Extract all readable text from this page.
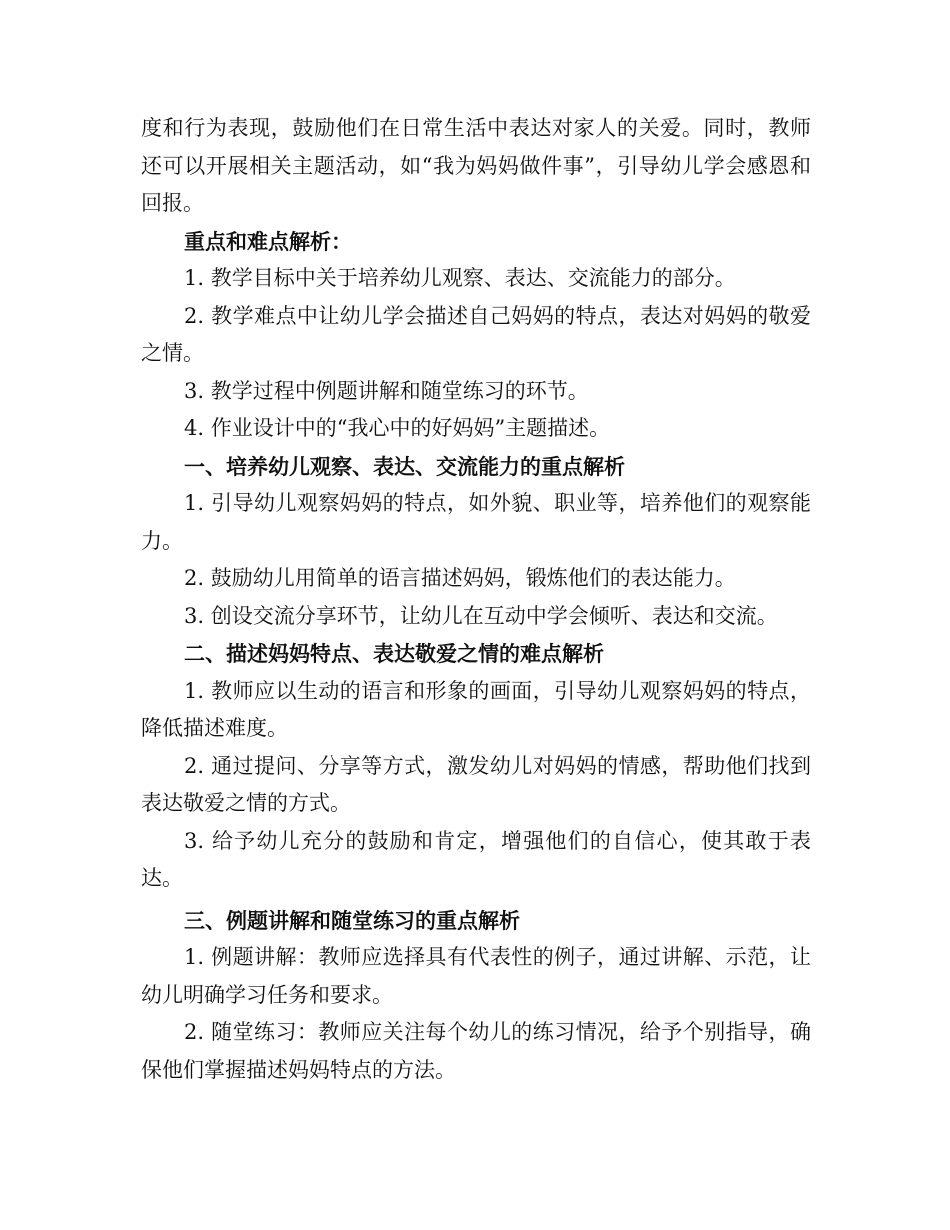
度和行为表现，鼓励他们在日常生活中表达对家人的关爱。同时，教师还可以开展相关主题活动，如“我为妈妈做件事”，引导幼儿学会感恩和回报。

重点和难点解析：

1. 教学目标中关于培养幼儿观察、表达、交流能力的部分。

2. 教学难点中让幼儿学会描述自己妈妈的特点，表达对妈妈的敬爱之情。

3. 教学过程中例题讲解和随堂练习的环节。

4. 作业设计中的“我心中的好妈妈”主题描述。

一、培养幼儿观察、表达、交流能力的重点解析

1. 引导幼儿观察妈妈的特点，如外貌、职业等，培养他们的观察能力。

2. 鼓励幼儿用简单的语言描述妈妈，锻炼他们的表达能力。

3. 创设交流分享环节，让幼儿在互动中学会倾听、表达和交流。

二、描述妈妈特点、表达敬爱之情的难点解析

1. 教师应以生动的语言和形象的画面，引导幼儿观察妈妈的特点，降低描述难度。

2. 通过提问、分享等方式，激发幼儿对妈妈的情感，帮助他们找到表达敬爱之情的方式。

3. 给予幼儿充分的鼓励和肯定，增强他们的自信心，使其敢于表达。

三、例题讲解和随堂练习的重点解析

1. 例题讲解：教师应选择具有代表性的例子，通过讲解、示范，让幼儿明确学习任务和要求。

2. 随堂练习：教师应关注每个幼儿的练习情况，给予个别指导，确保他们掌握描述妈妈特点的方法。
